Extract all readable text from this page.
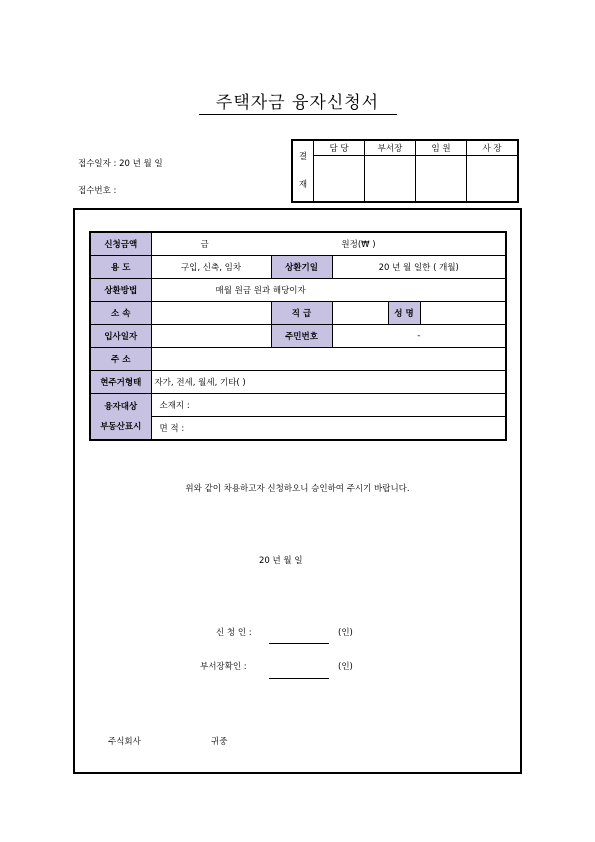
주택자금 융자신청서
접수일자 : 20 년 월 일
접수번호 :
결
재	담 당	부서장	임 원	사 장

신청금액	금 원정(₩ )				
용 도	구입, 신축, 임차	상환기일	20 년 월 일한 ( 개월)		
상환방법	매월 원금 원과 해당이자				
소 속		직 급		성 명	
입사일자		주민번호	-		
주 소					
현주거형태	자가, 전세, 월세, 기타( )				
융자대상
부동산표시	소재지 :				
	면 적 :				
위와 같이 차용하고자 신청하오니 승인하여 주시기 바랍니다.
20 년 월 일
신 청 인 :	(인)
부서장확인 :	(인)
주식회사	귀중
